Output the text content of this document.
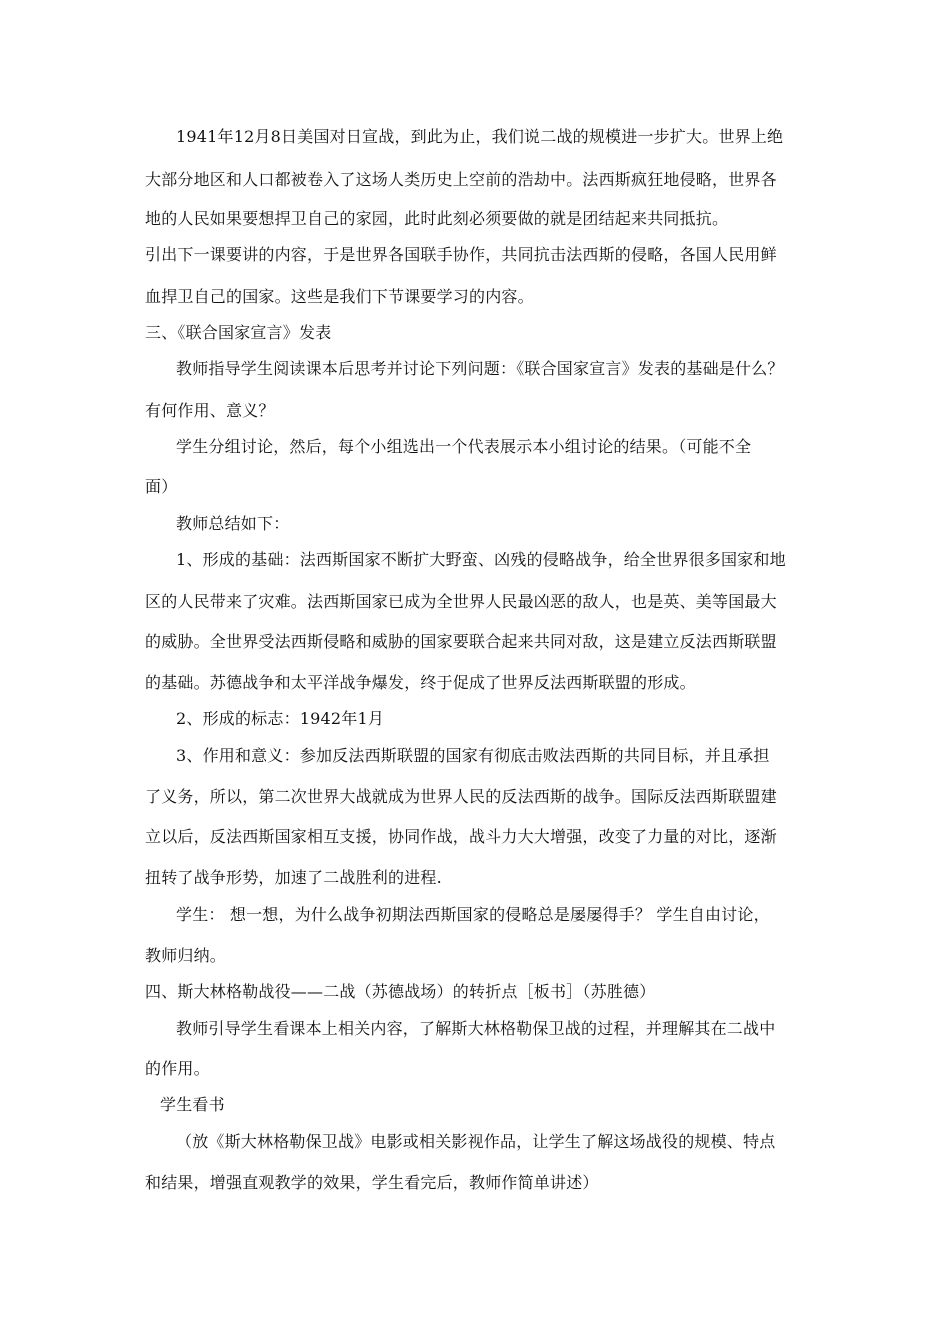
1941年12月8日美国对日宣战，到此为止，我们说二战的规模进一步扩大。世界上绝
大部分地区和人口都被卷入了这场人类历史上空前的浩劫中。法西斯疯狂地侵略，世界各
地的人民如果要想捍卫自己的家园，此时此刻必须要做的就是团结起来共同抵抗。
引出下一课要讲的内容，于是世界各国联手协作，共同抗击法西斯的侵略，各国人民用鲜
血捍卫自己的国家。这些是我们下节课要学习的内容。
三、《联合国家宣言》发表
教师指导学生阅读课本后思考并讨论下列问题：《联合国家宣言》发表的基础是什么？
有何作用、意义？
学生分组讨论，然后，每个小组选出一个代表展示本小组讨论的结果。（可能不全
面）
教师总结如下：
1、形成的基础：法西斯国家不断扩大野蛮、凶残的侵略战争，给全世界很多国家和地
区的人民带来了灾难。法西斯国家已成为全世界人民最凶恶的敌人，也是英、美等国最大
的威胁。全世界受法西斯侵略和威胁的国家要联合起来共同对敌，这是建立反法西斯联盟
的基础。苏德战争和太平洋战争爆发，终于促成了世界反法西斯联盟的形成。
2、形成的标志：1942年1月
3、作用和意义：参加反法西斯联盟的国家有彻底击败法西斯的共同目标，并且承担
了义务，所以，第二次世界大战就成为世界人民的反法西斯的战争。国际反法西斯联盟建
立以后，反法西斯国家相互支援，协同作战，战斗力大大增强，改变了力量的对比，逐渐
扭转了战争形势，加速了二战胜利的进程.
学生： 想一想，为什么战争初期法西斯国家的侵略总是屡屡得手？ 学生自由讨论，
教师归纳。
四、斯大林格勒战役——二战（苏德战场）的转折点［板书］（苏胜德）
教师引导学生看课本上相关内容，了解斯大林格勒保卫战的过程，并理解其在二战中
的作用。
学生看书
（放《斯大林格勒保卫战》电影或相关影视作品，让学生了解这场战役的规模、特点
和结果，增强直观教学的效果，学生看完后，教师作简单讲述）
